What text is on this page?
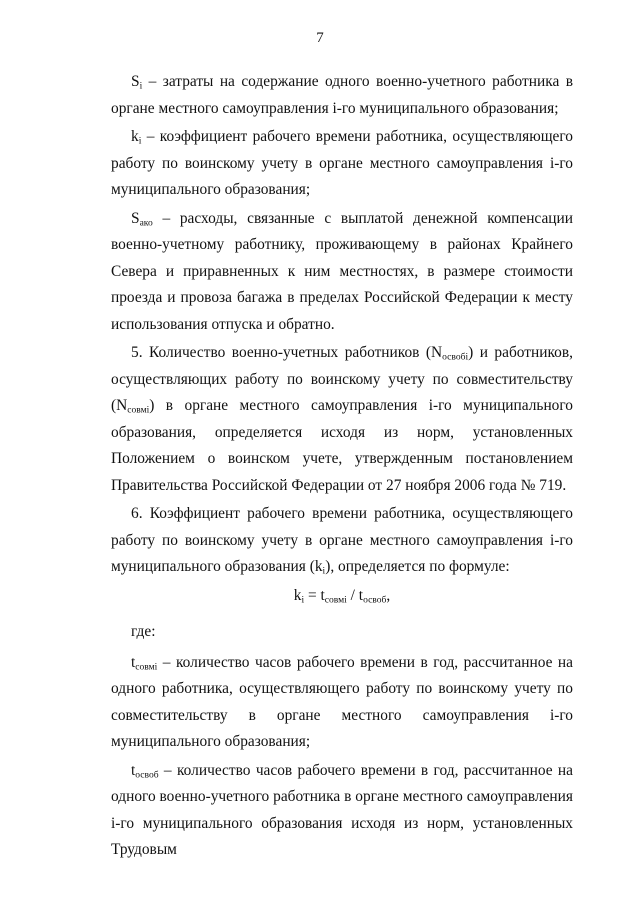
7

$S_i$ – затраты на содержание одного военно-учетного работника в органе местного самоуправления i-го муниципального образования;

$k_i$ – коэффициент рабочего времени работника, осуществляющего работу по воинскому учету в органе местного самоуправления i-го муниципального образования;

$S_{ако}$ – расходы, связанные с выплатой денежной компенсации военно-учетному работнику, проживающему в районах Крайнего Севера и приравненных к ним местностях, в размере стоимости проезда и провоза багажа в пределах Российской Федерации к месту использования отпуска и обратно.

5. Количество военно-учетных работников $(N_{освобi})$ и работников, осуществляющих работу по воинскому учету по совместительству $(N_{совмi})$ в органе местного самоуправления i-го муниципального образования, определяется исходя из норм, установленных Положением о воинском учете, утвержденным постановлением Правительства Российской Федерации от 27 ноября 2006 года № 719.

6. Коэффициент рабочего времени работника, осуществляющего работу по воинскому учету в органе местного самоуправления i-го муниципального образования $(k_i)$, определяется по формуле:

$k_i = t_{совмi} / t_{освоб}$,

где:

$t_{совмi}$ – количество часов рабочего времени в год, рассчитанное на одного работника, осуществляющего работу по воинскому учету по совместительству в органе местного самоуправления i-го муниципального образования;

$t_{освоб}$ – количество часов рабочего времени в год, рассчитанное на одного военно-учетного работника в органе местного самоуправления i-го муниципального образования исходя из норм, установленных Трудовым
